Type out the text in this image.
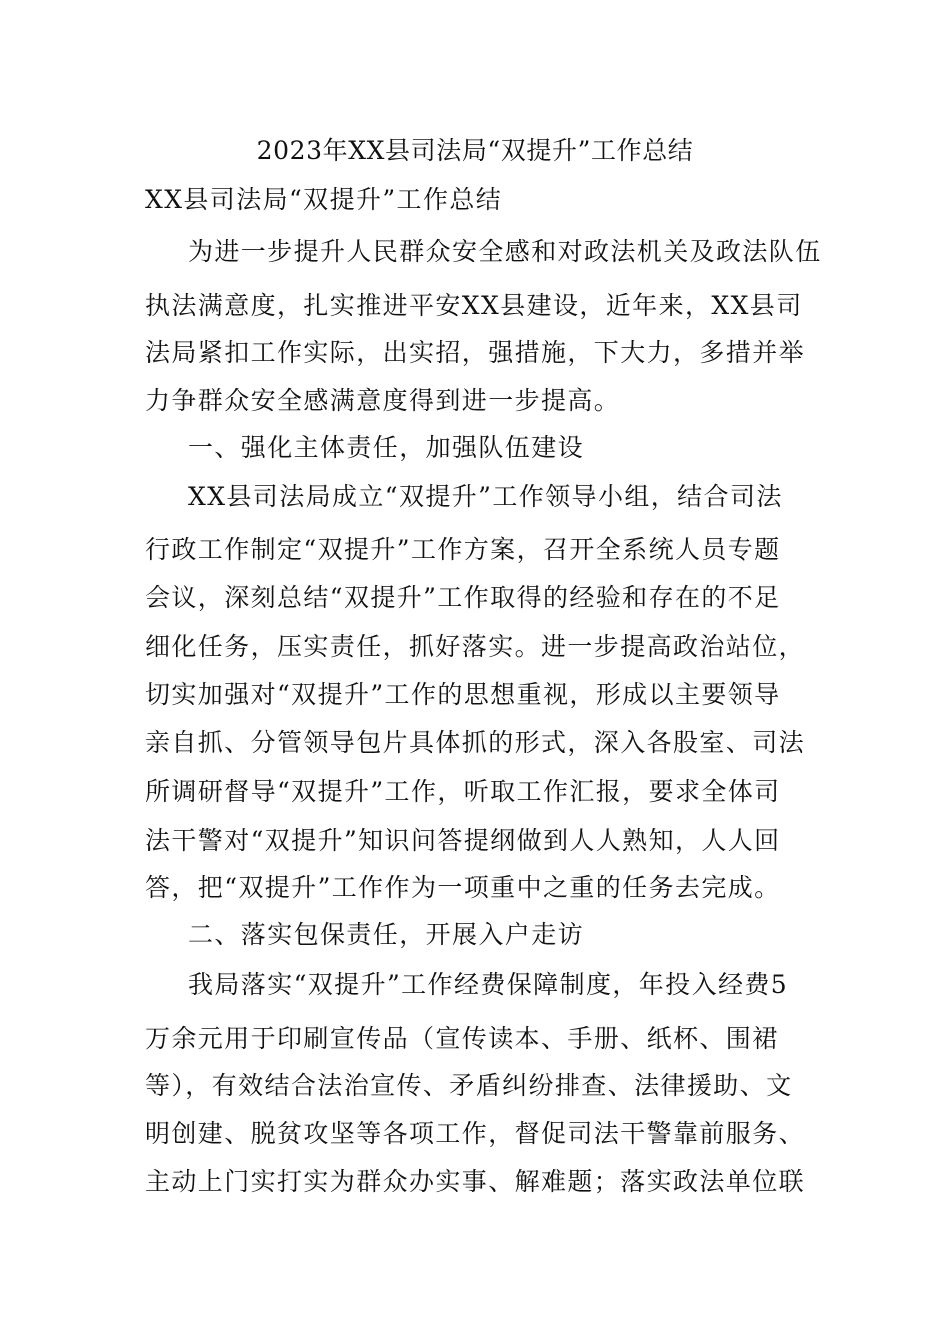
2023年XX县司法局“双提升”工作总结
XX县司法局“双提升”工作总结
为进一步提升人民群众安全感和对政法机关及政法队伍
执法满意度，扎实推进平安XX县建设，近年来，XX县司
法局紧扣工作实际，出实招，强措施，下大力，多措并举
力争群众安全感满意度得到进一步提高。
一、强化主体责任，加强队伍建设
XX县司法局成立“双提升”工作领导小组，结合司法
行政工作制定“双提升”工作方案，召开全系统人员专题
会议，深刻总结“双提升”工作取得的经验和存在的不足
细化任务，压实责任，抓好落实。进一步提高政治站位，
切实加强对“双提升”工作的思想重视，形成以主要领导
亲自抓、分管领导包片具体抓的形式，深入各股室、司法
所调研督导“双提升”工作，听取工作汇报，要求全体司
法干警对“双提升”知识问答提纲做到人人熟知，人人回
答，把“双提升”工作作为一项重中之重的任务去完成。
二、落实包保责任，开展入户走访
我局落实“双提升”工作经费保障制度，年投入经费5
万余元用于印刷宣传品（宣传读本、手册、纸杯、围裙
等），有效结合法治宣传、矛盾纠纷排查、法律援助、文
明创建、脱贫攻坚等各项工作，督促司法干警靠前服务、
主动上门实打实为群众办实事、解难题；落实政法单位联
